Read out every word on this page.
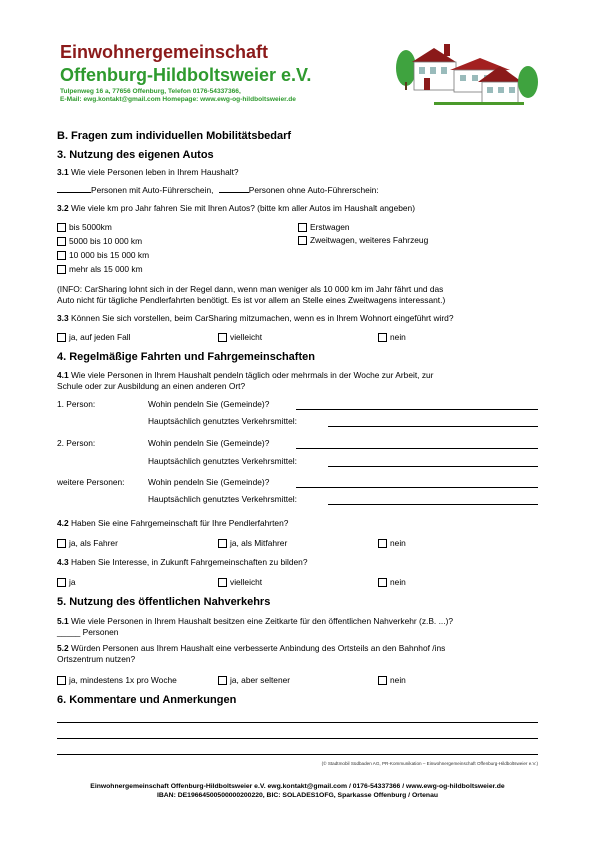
Einwohnergemeinschaft
Offenburg-Hildboltsweier e.V.
Tulpenweg 16 a, 77656 Offenburg, Telefon 0176-54337366,
E-Mail: ewg.kontakt@gmail.com Homepage: www.ewg-og-hildboltsweier.de
B. Fragen zum individuellen Mobilitätsbedarf
3. Nutzung des eigenen Autos
3.1 Wie viele Personen leben in Ihrem Haushalt?
Personen mit Auto-Führerschein,	Personen ohne Auto-Führerschein:
3.2 Wie viele km pro Jahr fahren Sie mit Ihren Autos? (bitte km aller Autos im Haushalt angeben)
bis 5000km
5000 bis 10 000 km
10 000 bis 15 000 km
mehr als 15 000 km
Erstwagen
Zweitwagen, weiteres Fahrzeug
(INFO: CarSharing lohnt sich in der Regel dann, wenn man weniger als 10 000 km im Jahr fährt und das
Auto nicht für tägliche Pendlerfahrten benötigt. Es ist vor allem an Stelle eines Zweitwagens interessant.)
3.3 Können Sie sich vorstellen, beim CarSharing mitzumachen, wenn es in Ihrem Wohnort eingeführt wird?
ja, auf jeden Fall	vielleicht	nein
4. Regelmäßige Fahrten und Fahrgemeinschaften
4.1 Wie viele Personen in Ihrem Haushalt pendeln täglich oder mehrmals in der Woche zur Arbeit, zur
Schule oder zur Ausbildung an einen anderen Ort?
1. Person:	Wohin pendeln Sie (Gemeinde)?
Hauptsächlich genutztes Verkehrsmittel:
2. Person:	Wohin pendeln Sie (Gemeinde)?
Hauptsächlich genutztes Verkehrsmittel:
weitere Personen:	Wohin pendeln Sie (Gemeinde)?
Hauptsächlich genutztes Verkehrsmittel:
4.2 Haben Sie eine Fahrgemeinschaft für Ihre Pendlerfahrten?
ja, als Fahrer	ja, als Mitfahrer	nein
4.3 Haben Sie Interesse, in Zukunft Fahrgemeinschaften zu bilden?
ja	vielleicht	nein
5. Nutzung des öffentlichen Nahverkehrs
5.1 Wie viele Personen in Ihrem Haushalt besitzen eine Zeitkarte für den öffentlichen Nahverkehr (z.B. ...)?
_____ Personen
5.2 Würden Personen aus Ihrem Haushalt eine verbesserte Anbindung des Ortsteils an den Bahnhof /ins
Ortszentrum nutzen?
ja, mindestens 1x pro Woche	ja, aber seltener	nein
6. Kommentare und Anmerkungen
(© Stadtmobil Südbaden AG, PR-Kommunikation – Einwohnergemeinschaft Offenburg-Hildboltsweier e.V.)
Einwohnergemeinschaft Offenburg-Hildboltsweier e.V. ewg.kontakt@gmail.com / 0176-54337366 / www.ewg-og-hildboltsweier.de
IBAN: DE19664500500000200220, BIC: SOLADES1OFG, Sparkasse Offenburg / Ortenau
